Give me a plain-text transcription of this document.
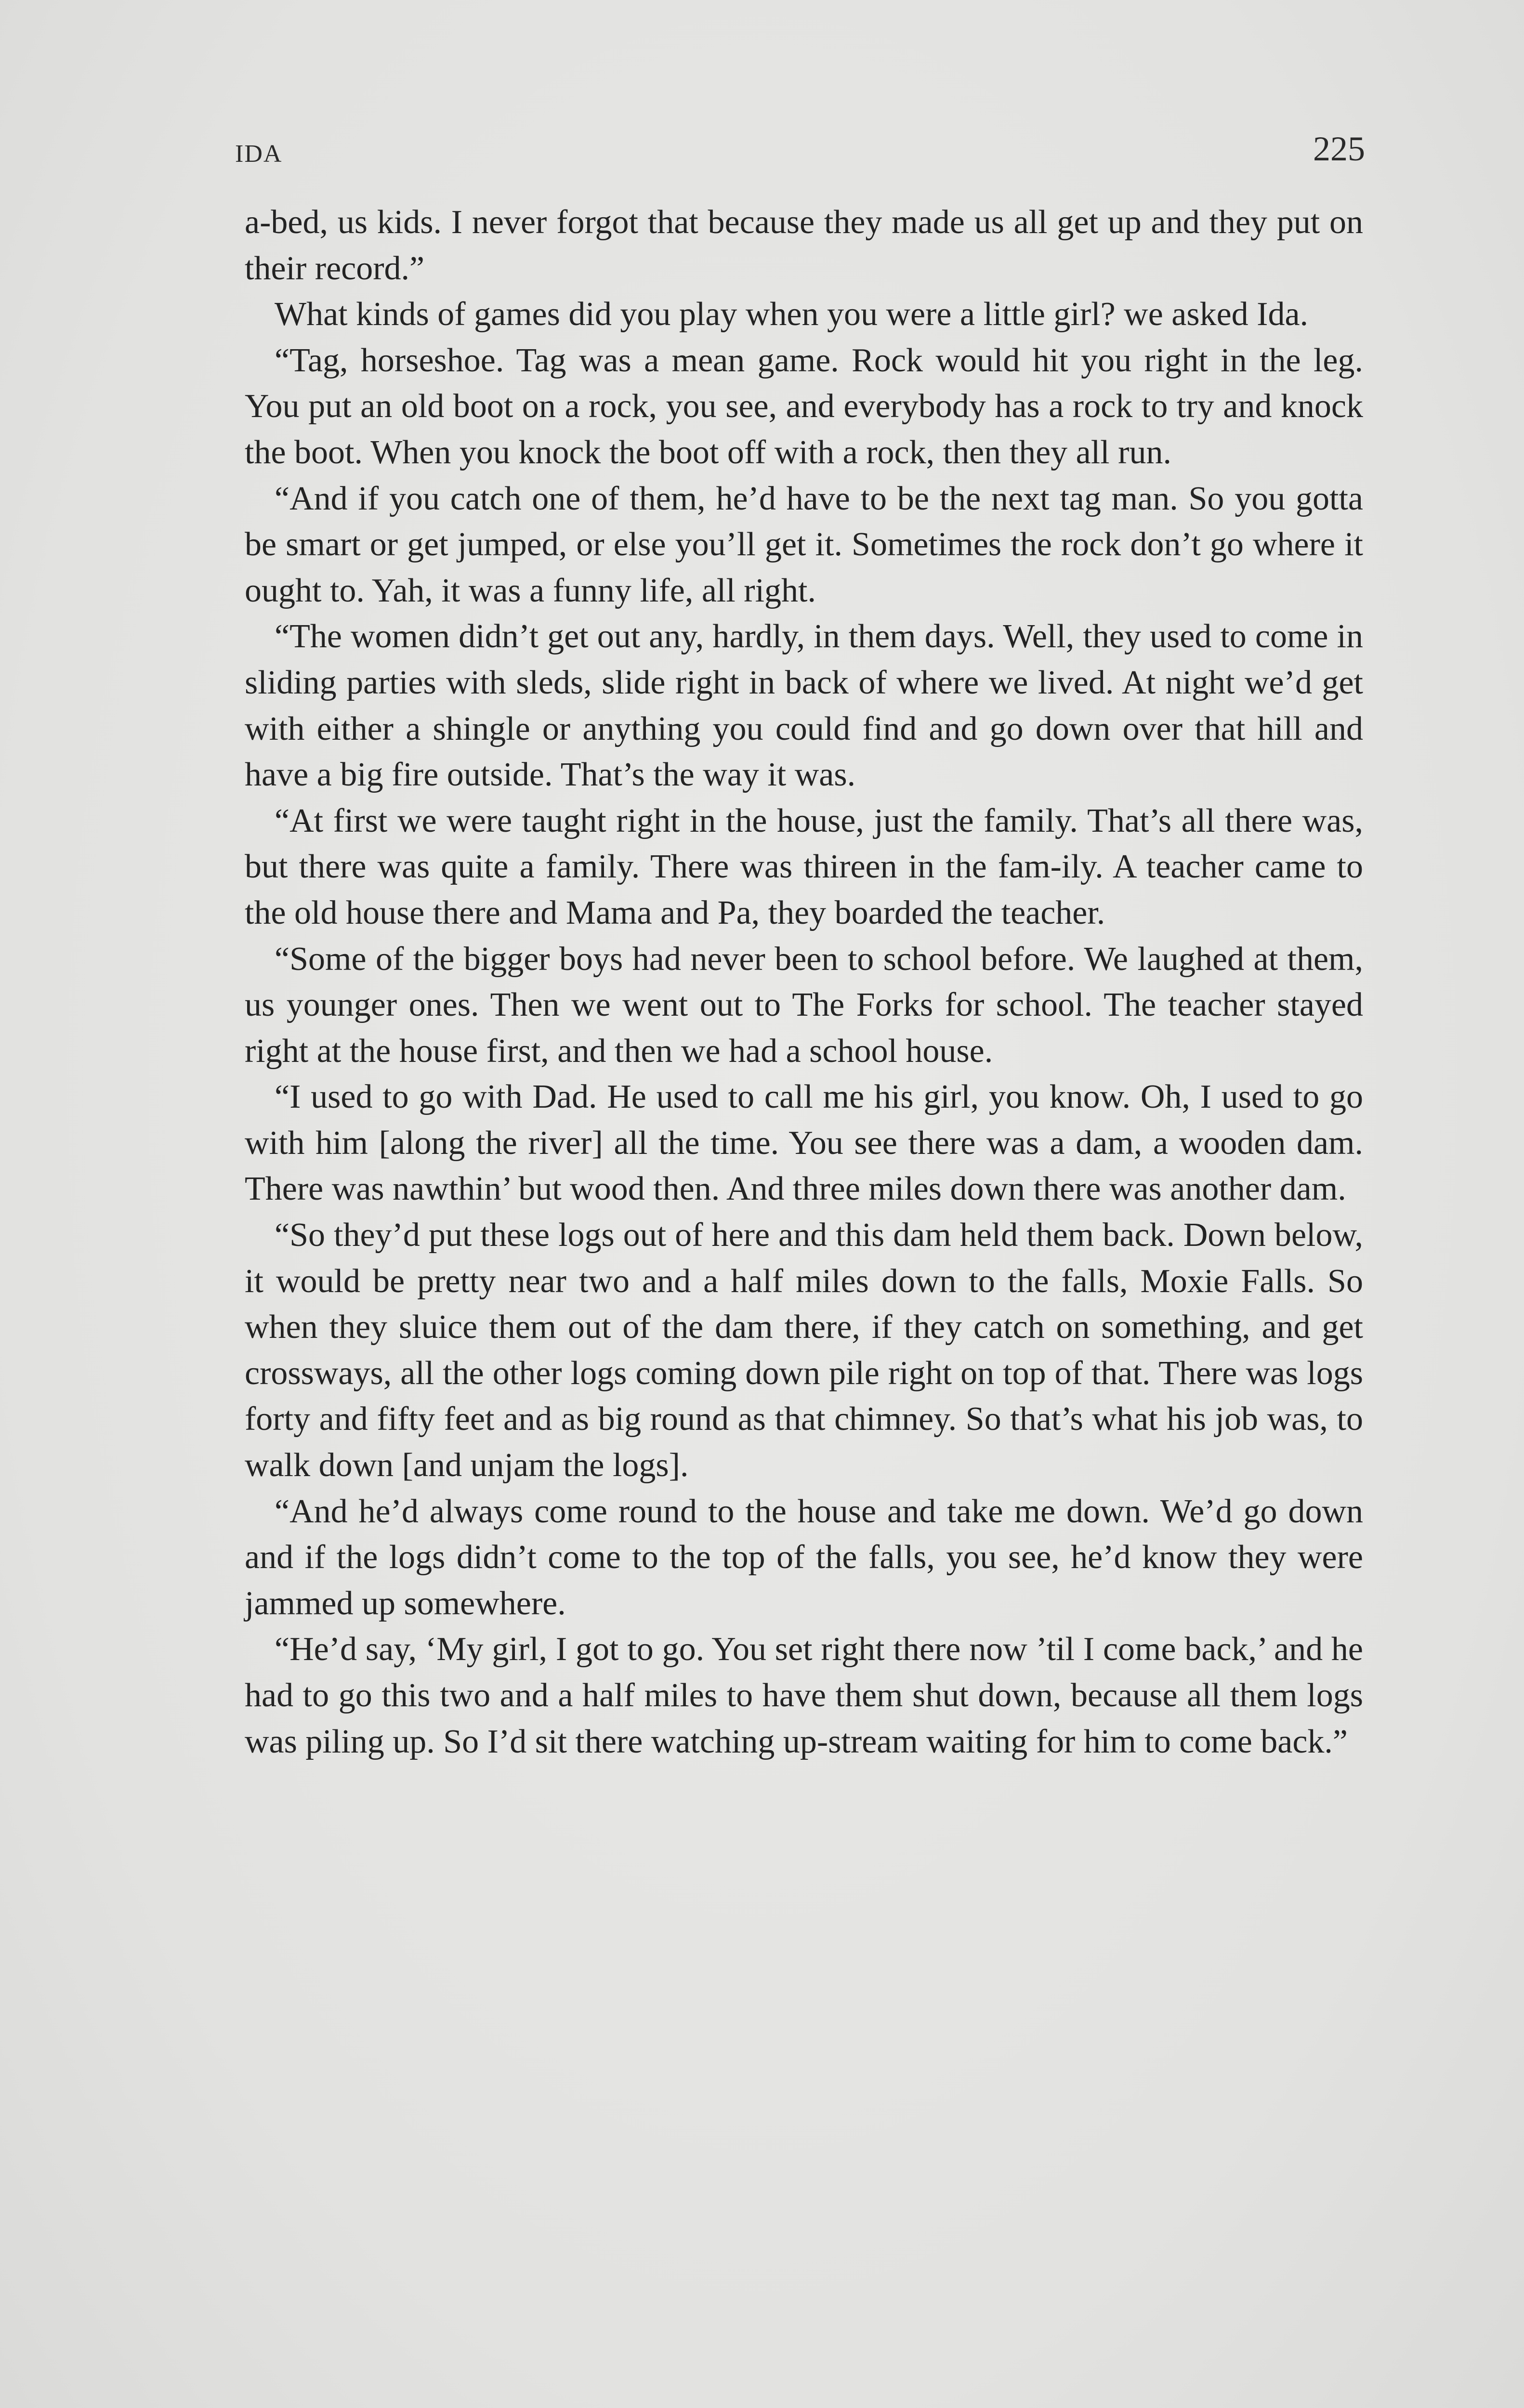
IDA	225

a-bed, us kids. I never forgot that because they made us all get up and they put on their record.”

What kinds of games did you play when you were a little girl? we asked Ida.

“Tag, horseshoe. Tag was a mean game. Rock would hit you right in the leg. You put an old boot on a rock, you see, and everybody has a rock to try and knock the boot. When you knock the boot off with a rock, then they all run.

“And if you catch one of them, he’d have to be the next tag man. So you gotta be smart or get jumped, or else you’ll get it. Sometimes the rock don’t go where it ought to. Yah, it was a funny life, all right.

“The women didn’t get out any, hardly, in them days. Well, they used to come in sliding parties with sleds, slide right in back of where we lived. At night we’d get with either a shingle or anything you could find and go down over that hill and have a big fire outside. That’s the way it was.

“At first we were taught right in the house, just the family. That’s all there was, but there was quite a family. There was thireen in the fam-ily. A teacher came to the old house there and Mama and Pa, they boarded the teacher.

“Some of the bigger boys had never been to school before. We laughed at them, us younger ones. Then we went out to The Forks for school. The teacher stayed right at the house first, and then we had a school house.

“I used to go with Dad. He used to call me his girl, you know. Oh, I used to go with him [along the river] all the time. You see there was a dam, a wooden dam. There was nawthin’ but wood then. And three miles down there was another dam.

“So they’d put these logs out of here and this dam held them back. Down below, it would be pretty near two and a half miles down to the falls, Moxie Falls. So when they sluice them out of the dam there, if they catch on something, and get crossways, all the other logs coming down pile right on top of that. There was logs forty and fifty feet and as big round as that chimney. So that’s what his job was, to walk down [and unjam the logs].

“And he’d always come round to the house and take me down. We’d go down and if the logs didn’t come to the top of the falls, you see, he’d know they were jammed up somewhere.

“He’d say, ‘My girl, I got to go. You set right there now ’til I come back,’ and he had to go this two and a half miles to have them shut down, because all them logs was piling up. So I’d sit there watching up-stream waiting for him to come back.”
